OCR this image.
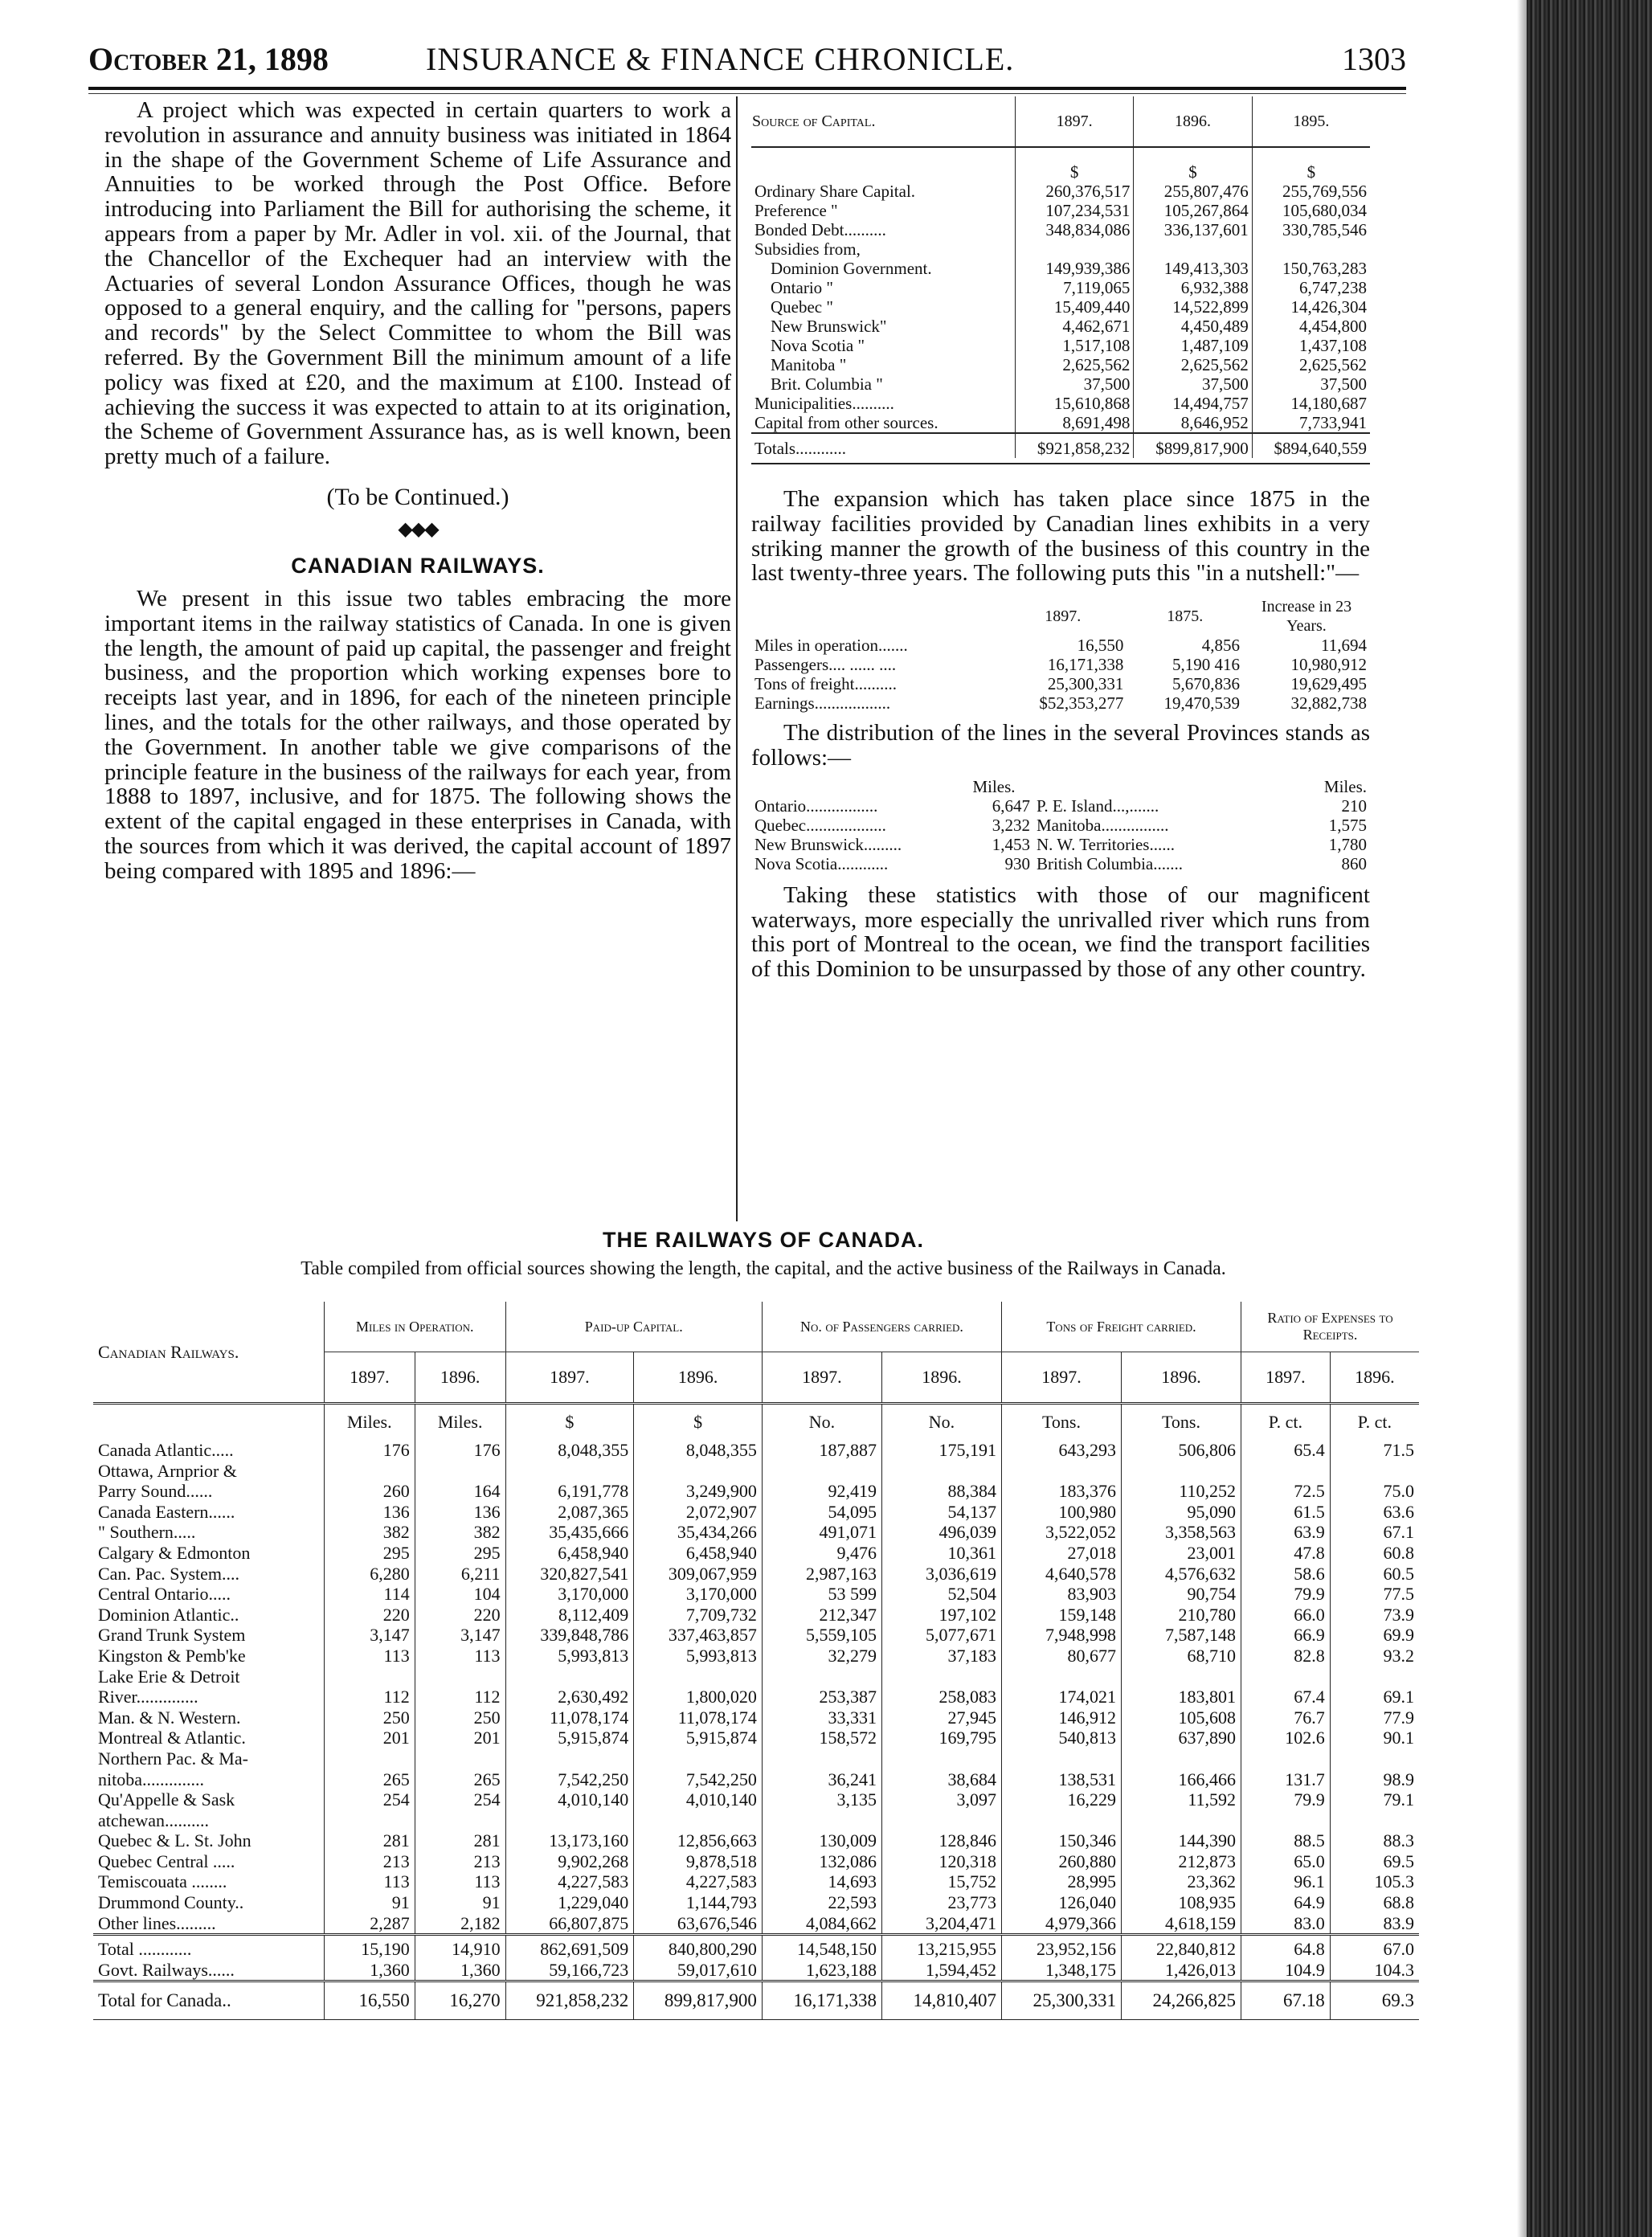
October 21, 1898	INSURANCE & FINANCE CHRONICLE.	1303

A project which was expected in certain quarters to work a revolution in assurance and annuity business was initiated in 1864 in the shape of the Government Scheme of Life Assurance and Annuities to be worked through the Post Office. Before introducing into Parliament the Bill for authorising the scheme, it appears from a paper by Mr. Adler in vol. xii. of the Journal, that the Chancellor of the Exchequer had an interview with the Actuaries of several London Assurance Offices, though he was opposed to a general enquiry, and the calling for "persons, papers and records" by the Select Committee to whom the Bill was referred. By the Government Bill the minimum amount of a life policy was fixed at £20, and the maximum at £100. Instead of achieving the success it was expected to attain to at its origination, the Scheme of Government Assurance has, as is well known, been pretty much of a failure.

(To be Continued.)
◆◆◆
CANADIAN RAILWAYS.

We present in this issue two tables embracing the more important items in the railway statistics of Canada. In one is given the length, the amount of paid up capital, the passenger and freight business, and the proportion which working expenses bore to receipts last year, and in 1896, for each of the nineteen principle lines, and the totals for the other railways, and those operated by the Government. In another table we give comparisons of the principle feature in the business of the railways for each year, from 1888 to 1897, inclusive, and for 1875. The following shows the extent of the capital engaged in these enterprises in Canada, with the sources from which it was derived, the capital account of 1897 being compared with 1895 and 1896:—

Source of Capital.	1897.	1896.	1895.
	$	$	$
Ordinary Share Capital.	260,376,517	255,807,476	255,769,556
Preference "	107,234,531	105,267,864	105,680,034
Bonded Debt..........	348,834,086	336,137,601	330,785,546
Subsidies from,			
Dominion Government.	149,939,386	149,413,303	150,763,283
Ontario "	7,119,065	6,932,388	6,747,238
Quebec "	15,409,440	14,522,899	14,426,304
New Brunswick"	4,462,671	4,450,489	4,454,800
Nova Scotia "	1,517,108	1,487,109	1,437,108
Manitoba "	2,625,562	2,625,562	2,625,562
Brit. Columbia "	37,500	37,500	37,500
Municipalities..........	15,610,868	14,494,757	14,180,687
Capital from other sources.	8,691,498	8,646,952	7,733,941
Totals............	$921,858,232	$899,817,900	$894,640,559

The expansion which has taken place since 1875 in the railway facilities provided by Canadian lines exhibits in a very striking manner the growth of the business of this country in the last twenty-three years. The following puts this "in a nutshell:"—

	1897.	1875.	Increase in 23 Years.
Miles in operation.......	16,550	4,856	11,694
Passengers.... ...... ....	16,171,338	5,190 416	10,980,912
Tons of freight..........	25,300,331	5,670,836	19,629,495
Earnings..................	$52,353,277	19,470,539	32,882,738

The distribution of the lines in the several Provinces stands as follows:—

	Miles.		Miles.
Ontario.................	6,647	P. E. Island...,.......	210
Quebec...................	3,232	Manitoba................	1,575
New Brunswick.........	1,453	N. W. Territories......	1,780
Nova Scotia............	930	British Columbia.......	860

Taking these statistics with those of our magnificent waterways, more especially the unrivalled river which runs from this port of Montreal to the ocean, we find the transport facilities of this Dominion to be unsurpassed by those of any other country.

THE RAILWAYS OF CANADA.
Table compiled from official sources showing the length, the capital, and the active business of the Railways in Canada.
Canadian Railways.	Miles in Operation.		Paid-up Capital.		No. of Passengers carried.		Tons of Freight carried.		Ratio of Expenses to Receipts.	
	1897.	1896.	1897.	1896.	1897.	1896.	1897.	1896.	1897.	1896.
	Miles.	Miles.	$	$	No.	No.	Tons.	Tons.	P. ct.	P. ct.
Canada Atlantic.....	176	176	8,048,355	8,048,355	187,887	175,191	643,293	506,806	65.4	71.5
Ottawa, Arnprior &										
Parry Sound......	260	164	6,191,778	3,249,900	92,419	88,384	183,376	110,252	72.5	75.0
Canada Eastern......	136	136	2,087,365	2,072,907	54,095	54,137	100,980	95,090	61.5	63.6
" Southern.....	382	382	35,435,666	35,434,266	491,071	496,039	3,522,052	3,358,563	63.9	67.1
Calgary & Edmonton	295	295	6,458,940	6,458,940	9,476	10,361	27,018	23,001	47.8	60.8
Can. Pac. System....	6,280	6,211	320,827,541	309,067,959	2,987,163	3,036,619	4,640,578	4,576,632	58.6	60.5
Central Ontario.....	114	104	3,170,000	3,170,000	53 599	52,504	83,903	90,754	79.9	77.5
Dominion Atlantic..	220	220	8,112,409	7,709,732	212,347	197,102	159,148	210,780	66.0	73.9
Grand Trunk System	3,147	3,147	339,848,786	337,463,857	5,559,105	5,077,671	7,948,998	7,587,148	66.9	69.9
Kingston & Pemb'ke	113	113	5,993,813	5,993,813	32,279	37,183	80,677	68,710	82.8	93.2
Lake Erie & Detroit										
River..............	112	112	2,630,492	1,800,020	253,387	258,083	174,021	183,801	67.4	69.1
Man. & N. Western.	250	250	11,078,174	11,078,174	33,331	27,945	146,912	105,608	76.7	77.9
Montreal & Atlantic.	201	201	5,915,874	5,915,874	158,572	169,795	540,813	637,890	102.6	90.1
Northern Pac. & Ma-										
nitoba..............	265	265	7,542,250	7,542,250	36,241	38,684	138,531	166,466	131.7	98.9
Qu'Appelle & Sask	254	254	4,010,140	4,010,140	3,135	3,097	16,229	11,592	79.9	79.1
atchewan..........										
Quebec & L. St. John	281	281	13,173,160	12,856,663	130,009	128,846	150,346	144,390	88.5	88.3
Quebec Central .....	213	213	9,902,268	9,878,518	132,086	120,318	260,880	212,873	65.0	69.5
Temiscouata ........	113	113	4,227,583	4,227,583	14,693	15,752	28,995	23,362	96.1	105.3
Drummond County..	91	91	1,229,040	1,144,793	22,593	23,773	126,040	108,935	64.9	68.8
Other lines.........	2,287	2,182	66,807,875	63,676,546	4,084,662	3,204,471	4,979,366	4,618,159	83.0	83.9
Total ............	15,190	14,910	862,691,509	840,800,290	14,548,150	13,215,955	23,952,156	22,840,812	64.8	67.0
Govt. Railways......	1,360	1,360	59,166,723	59,017,610	1,623,188	1,594,452	1,348,175	1,426,013	104.9	104.3
Total for Canada..	16,550	16,270	921,858,232	899,817,900	16,171,338	14,810,407	25,300,331	24,266,825	67.18	69.3
